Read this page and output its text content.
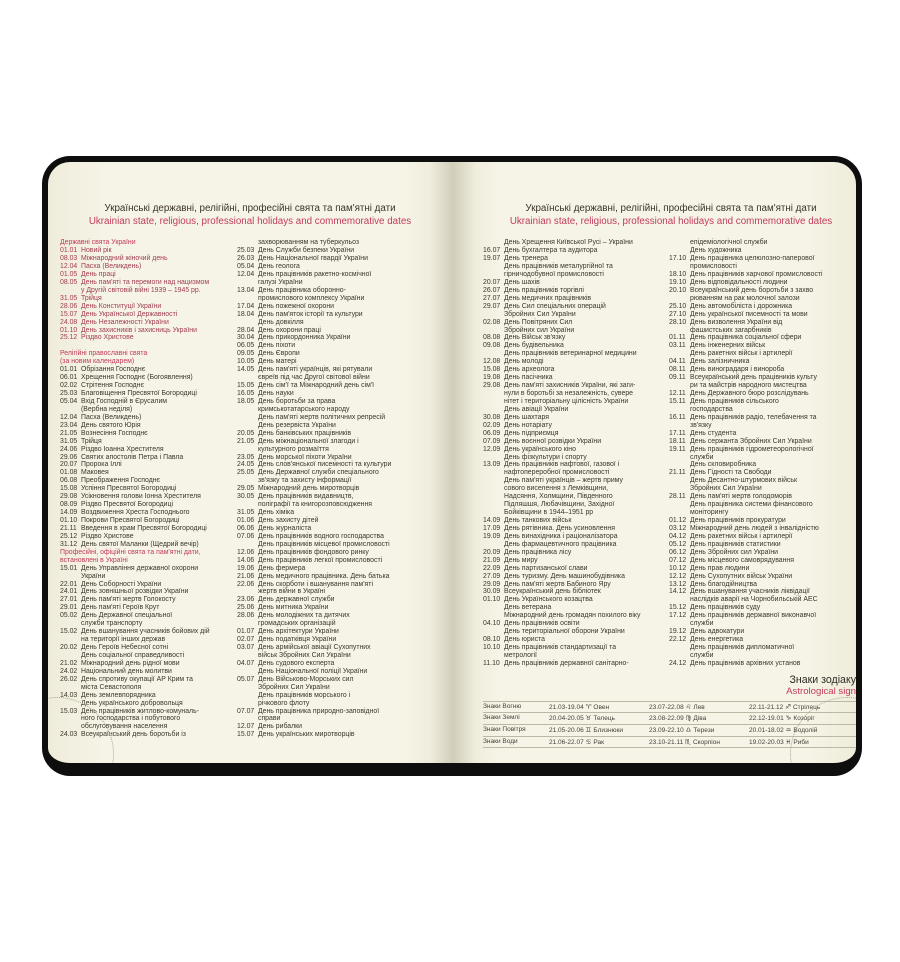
Українські державні, релігійні, професійні свята та пам'ятні дати
Ukrainian state, religious, professional holidays and commemorative dates
Державні свята України
01.01 Новий рік
08.03 Міжнародний жіночий день
12.04 Пасха (Великдень)
01.05 День праці
08.05 День пам'яті та перемоги над нацизмом
у Другій світовій війні 1939 – 1945 рр.
31.05 Трійця
28.06 День Конституції України
15.07 День Української Державності
24.08 День Незалежності України
01.10 День захисників і захисниць України
25.12 Різдво Христове
Релігійні православні свята
(за новим календарем)
01.01 Обрізання Господнє
06.01 Хрещення Господнє (Богоявлення)
02.02 Стрітення Господнє
25.03 Благовіщення Пресвятої Богородиці
05.04 Вхід Господній в Єрусалим
(Вербна неділя)
12.04 Пасха (Великдень)
23.04 День святого Юрія
21.05 Вознесіння Господнє
31.05 Трійця
24.06 Різдво Іоанна Хрестителя
29.06 Святих апостолів Петра і Павла
20.07 Пророка Іллі
01.08 Маковея
06.08 Преображення Господнє
15.08 Успіння Пресвятої Богородиці
29.08 Усікновення голови Іонна Хрестителя
08.09 Різдво Пресвятої Богородиці
14.09 Воздвиження Хреста Господнього
01.10 Покрови Пресвятої Богородиці
21.11 Введення в храм Пресвятої Богородиці
25.12 Різдво Христове
31.12 День святої Маланки (Щедрий вечір)
Професійні, офіційні свята та пам'ятні дати,
встановлені в Україні
15.01 День Управління державної охорони
України
22.01 День Соборності України
24.01 День зовнішньої розвідки України
27.01 День пам'яті жертв Голокосту
29.01 День пам'яті Героїв Крут
05.02 День Державної спеціальної
служби транспорту
15.02 День вшанування учасників бойових дій
на території інших держав
20.02 День Героїв Небесної сотні
День соціальної справедливості
21.02 Міжнародний день рідної мови
24.02 Національний день молитви
26.02 День спротиву окупації АР Крим та
міста Севастополя
14.03 День землевпорядника
День українського добровольця
15.03 День працівників житлово-комуналь-
ного господарства і побутового
обслуговування населення
24.03 Всеукраїнський день боротьби із
захворюванням на туберкульоз
25.03 День Служби безпеки України
26.03 День Національної гвардії України
05.04 День геолога
12.04 День працівників ракетно-космічної
галузі України
13.04 День працівника оборонно-
промислового комплексу України
17.04 День пожежної охорони
18.04 День пам'яток історії та культури
День довкілля
28.04 День охорони праці
30.04 День прикордонника України
06.05 День піхоти
09.05 День Європи
10.05 День матері
14.05 День пам'яті українців, які рятували
євреїв під час Другої світової війни
15.05 День сім'ї та Міжнародний день сім'ї
16.05 День науки
18.05 День боротьби за права
кримськотатарського народу
День пам'яті жертв політичних репресій
День резервіста України
20.05 День банківських працівників
21.05 День міжнаціональної злагоди і
культурного розмаїття
23.05 День морської піхоти України
24.05 День слов'янської писемності та культури
25.05 День Державної служби спеціального
зв'язку та захисту інформації
29.05 Міжнародний день миротворців
30.05 День працівників видавництв,
поліграфії та книгорозповсюдження
31.05 День хіміка
01.06 День захисту дітей
06.06 День журналіста
07.06 День працівників водного господарства
День працівників місцевої промисловості
12.06 День працівників фондового ринку
14.06 День працівників легкої промисловості
19.06 День фермера
21.06 День медичного працівника. День батька
22.06 День скорботи і вшанування пам'яті
жертв війни в Україні
23.06 День державної служби
25.06 День митника України
28.06 День молодіжних та дитячих
громадських організацій
01.07 День архітектури України
02.07 День податківця України
03.07 День армійської авіації Сухопутних
військ Збройних Сил України
04.07 День судового експерта
День Національної поліції України
05.07 День Військово-Морських сил
Збройних Сил України
День працівників морського і
річкового флоту
07.07 День працівника природно-заповідної
справи
12.07 День рибалки
15.07 День українських миротворців
Українські державні, релігійні, професійні свята та пам'ятні дати
Ukrainian state, religious, professional holidays and commemorative dates
День Хрещення Київської Русі – України
16.07 День бухгалтера та аудитора
19.07 День тренера
День працівників металургійної та
гірничодобувної промисловості
20.07 День шахів
26.07 День працівників торгівлі
27.07 День медичних працівників
29.07 День Сил спеціальних операцій
Збройних Сил України
02.08 День Повітряних Сил
Збройних сил України
08.08 День Військ зв'язку
09.08 День будівельника
День працівників ветеринарної медицини
12.08 День молоді
15.08 День археолога
19.08 День пасічника
29.08 День пам'яті захисників України, які заги-
нули в боротьбі за незалежність, сувере
нітет і територіальну цілісність України
День авіації України
30.08 День шахтаря
02.09 День нотаріату
06.09 День підприємця
07.09 День воєнної розвідки України
12.09 День українського кіно
День фізкультури і спорту
13.09 День працівників нафтової, газової і
нафтопереробної промисловості
День пам'яті українців – жертв приму
сового виселення з Лемківщини,
Надсяння, Холмщини, Південного
Підляшшя, Любачівщини, Західної
Бойківщини в 1944–1951 рр
14.09 День танкових військ
17.09 День рятівника. День усиновлення
19.09 День винахідника і раціоналізатора
День фармацевтичного працівника
20.09 День працівника лісу
21.09 День миру
22.09 День партизанської слави
27.09 День туризму. День машинобудівника
29.09 День пам'яті жертв Бабиного Яру
30.09 Всеукраїнський день бібліотек
01.10 День Українського козацтва
День ветерана
Міжнародний день громадян похилого віку
04.10 День працівників освіти
День територіальної оборони України
08.10 День юриста
10.10 День працівників стандартизації та
метрології
11.10 День працівників державної санітарно-
епідеміологічної служби
День художника
17.10 День працівника целюлозно-паперової
промисловості
18.10 День працівників харчової промисловості
19.10 День відповідальності людини
20.10 Всеукраїнський день боротьби з захво
рюванням на рак молочної залози
25.10 День автомобіліста і дорожника
27.10 День української писемності та мови
28.10 День визволення України від
фашистських загарбників
01.11 День працівника соціальної сфери
03.11 День інженерних військ
День ракетних військ і артилерії
04.11 День залізничника
08.11 День виноградаря і винороба
09.11 Всеукраїнський день працівників культу
ри та майстрів народного мистецтва
12.11 День Державного бюро розслідувань
15.11 День працівників сільського
господарства
16.11 День працівників радіо, телебачення та
зв'язку
17.11 День студента
18.11 День сержанта Збройних Сил України
19.11 День працівників гідрометеорологічної
служби
День скловиробника
21.11 День Гідності та Свободи
День Десантно-штурмових військ
Збройних Сил України
28.11 День пам'яті жертв голодоморів
День працівника системи фінансового
моніторингу
01.12 День працівників прокуратури
03.12 Міжнародний день людей з інвалідністю
04.12 День ракетних військ і артилерії
05.12 День працівників статистики
06.12 День Збройних сил України
07.12 День місцевого самоврядування
10.12 День прав людини
12.12 День Сухопутних військ України
13.12 День благодійництва
14.12 День вшанування учасників ліквідації
наслідків аварії на Чорнобильській АЕС
15.12 День працівників суду
17.12 День працівників державної виконавчої
служби
19.12 День адвокатури
22.12 День енергетика
День працівників дипломатичної
служби
24.12 День працівників архівних установ
Знаки зодіаку
Astrological sign
Знаки Вогню	21.03-19.04 ♈ Овен	23.07-22.08 ♌ Лев	22.11-21.12 ♐ Стрілець
Знаки Землі	20.04-20.05 ♉ Телець	23.08-22.09 ♍ Діва	22.12-19.01 ♑ Козоріг
Знаки Повітря	21.05-20.06 ♊ Близнюки	23.09-22.10 ♎ Терези	20.01-18.02 ♒ Водолій
Знаки Води	21.06-22.07 ♋ Рак	23.10-21.11 ♏ Скорпіон	19.02-20.03 ♓ Риби
